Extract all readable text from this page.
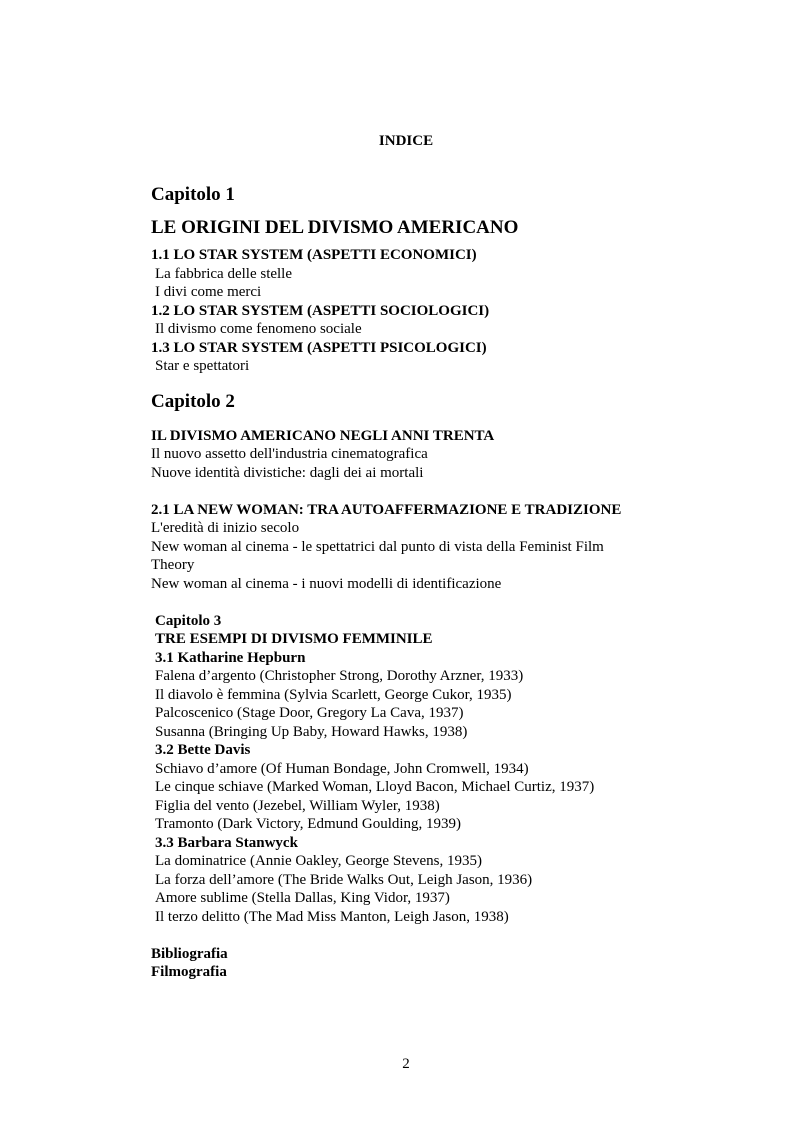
INDICE
Capitolo 1
LE ORIGINI DEL DIVISMO AMERICANO
1.1 LO STAR SYSTEM (ASPETTI ECONOMICI)
La fabbrica delle stelle
I divi come merci
1.2 LO STAR SYSTEM (ASPETTI SOCIOLOGICI)
Il divismo come fenomeno sociale
1.3 LO STAR SYSTEM (ASPETTI PSICOLOGICI)
Star e spettatori
Capitolo 2
IL DIVISMO AMERICANO NEGLI ANNI TRENTA
Il nuovo assetto dell'industria cinematografica
Nuove identità divistiche: dagli dei ai mortali
2.1 LA NEW WOMAN: TRA AUTOAFFERMAZIONE E TRADIZIONE
L'eredità di inizio secolo
New woman al cinema - le spettatrici dal punto di vista della Feminist Film
Theory
New woman al cinema - i nuovi modelli di identificazione
Capitolo 3
TRE ESEMPI DI DIVISMO FEMMINILE
3.1 Katharine Hepburn
Falena d’argento (Christopher Strong, Dorothy Arzner, 1933)
Il diavolo è femmina (Sylvia Scarlett, George Cukor, 1935)
Palcoscenico (Stage Door, Gregory La Cava, 1937)
Susanna (Bringing Up Baby, Howard Hawks, 1938)
3.2 Bette Davis
Schiavo d’amore (Of Human Bondage, John Cromwell, 1934)
Le cinque schiave (Marked Woman, Lloyd Bacon, Michael Curtiz, 1937)
Figlia del vento (Jezebel, William Wyler, 1938)
Tramonto (Dark Victory, Edmund Goulding, 1939)
3.3 Barbara Stanwyck
La dominatrice (Annie Oakley, George Stevens, 1935)
La forza dell’amore (The Bride Walks Out, Leigh Jason, 1936)
Amore sublime (Stella Dallas, King Vidor, 1937)
Il terzo delitto (The Mad Miss Manton, Leigh Jason, 1938)
Bibliografia
Filmografia
2
